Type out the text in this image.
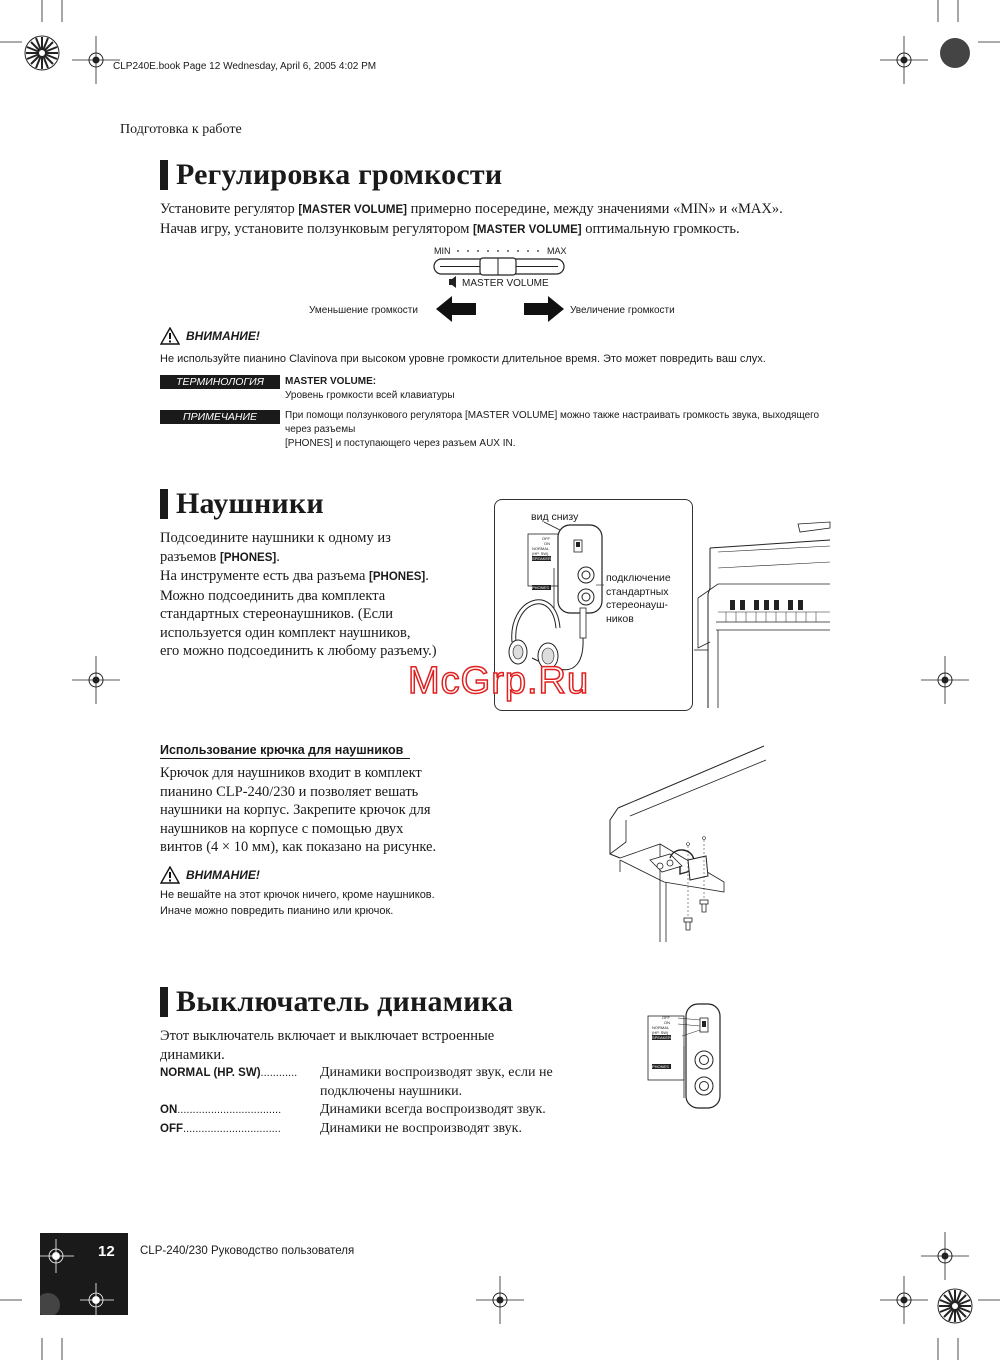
CLP240E.book Page 12 Wednesday, April 6, 2005 4:02 PM
Подготовка к работе
Регулировка громкости
Установите регулятор [MASTER VOLUME] примерно посередине, между значениями «MIN» и «MAX».
Начав игру, установите ползунковым регулятором [MASTER VOLUME] оптимальную громкость.
MIN	MAX
MASTER VOLUME
Уменьшение громкости	Увеличение громкости
ВНИМАНИЕ!
Не используйте пианино Clavinova при высоком уровне громкости длительное время. Это может повредить ваш слух.
ТЕРМИНОЛОГИЯ	MASTER VOLUME:
Уровень громкости всей клавиатуры
ПРИМЕЧАНИЕ	При помощи ползункового регулятора [MASTER VOLUME] можно также настраивать громкость звука, выходящего через разъемы
[PHONES] и поступающего через разъем AUX IN.
Наушники
Подсоедините наушники к одному из
разъемов [PHONES].
На инструменте есть два разъема [PHONES].
Можно подсоединить два комплекта
стандартных стереонаушников. (Если
используется один комплект наушников,
его можно подсоединить к любому разъему.)
вид снизу
OFF
ON
NORMAL
(HP. SW)
SPEAKER
PHONES
подключение
стандартных
стереонауш-
ников
McGrp.Ru
Использование крючка для наушников
Крючок для наушников входит в комплект
пианино CLP-240/230 и позволяет вешать
наушники на корпус. Закрепите крючок для
наушников на корпусе с помощью двух
винтов (4 × 10 мм), как показано на рисунке.
ВНИМАНИЕ!
Не вешайте на этот крючок ничего, кроме наушников.
Иначе можно повредить пианино или крючок.
Выключатель динамика
Этот выключатель включает и выключает встроенные
динамики.
NORMAL (HP. SW)............	Динамики воспроизводят звук, если не
подключены наушники.
ON..................................	Динамики всегда воспроизводят звук.
OFF................................	Динамики не воспроизводят звук.
OFF
ON
NORMAL
(HP. SW)
SPEAKER
PHONES
12 CLP-240/230 Руководство пользователя
